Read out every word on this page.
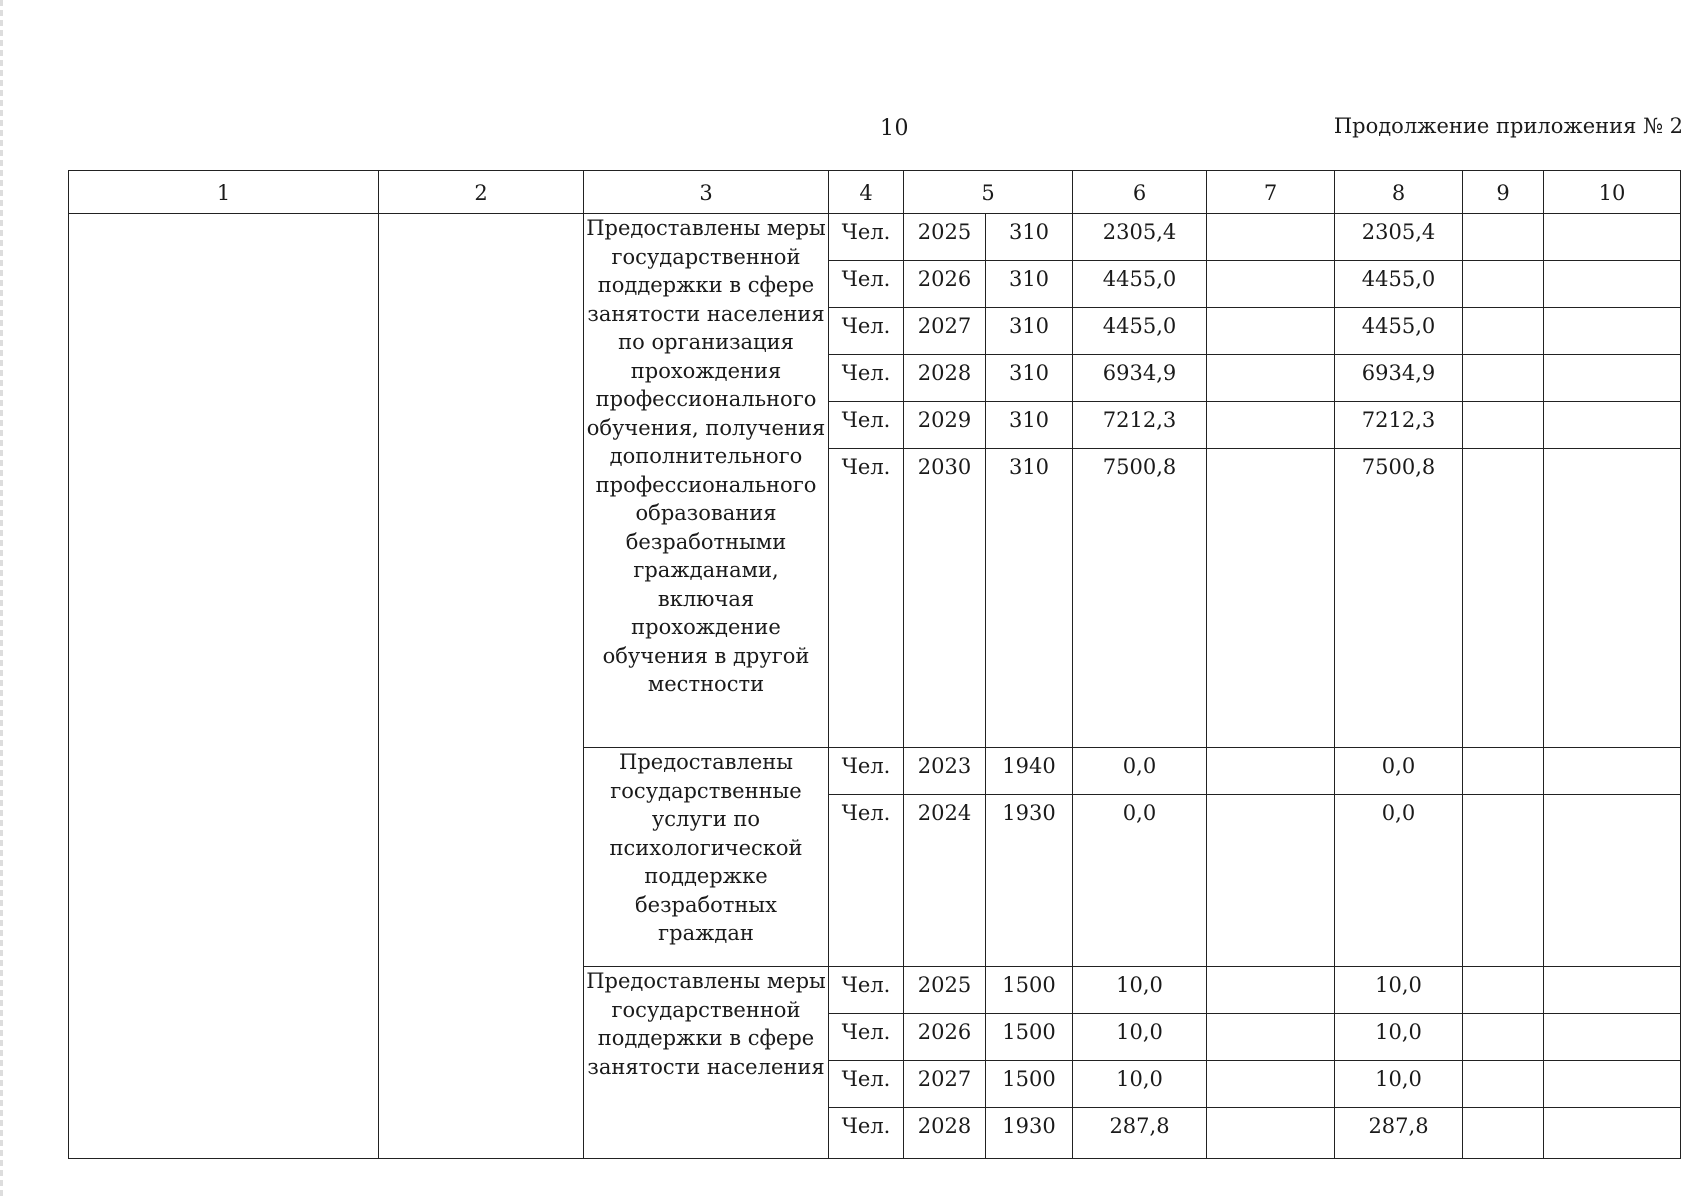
10	Продолжение приложения № 2
1	2	3	4	5		6	7	8	9	10
		Предоставлены меры государственной поддержки в сфере занятости населения по организация прохождения профессионального обучения, получения дополнительного профессионального образования безработными гражданами, включая прохождение обучения в другой местности	Чел.	2025	310	2305,4		2305,4		
			Чел.	2026	310	4455,0		4455,0		
			Чел.	2027	310	4455,0		4455,0		
			Чел.	2028	310	6934,9		6934,9		
			Чел.	2029	310	7212,3		7212,3		
			Чел.	2030	310	7500,8		7500,8		
		Предоставлены государственные услуги по психологической поддержке безработных граждан	Чел.	2023	1940	0,0		0,0		
			Чел.	2024	1930	0,0		0,0		
		Предоставлены меры государственной поддержки в сфере занятости населения	Чел.	2025	1500	10,0		10,0		
			Чел.	2026	1500	10,0		10,0		
			Чел.	2027	1500	10,0		10,0		
			Чел.	2028	1930	287,8		287,8		
